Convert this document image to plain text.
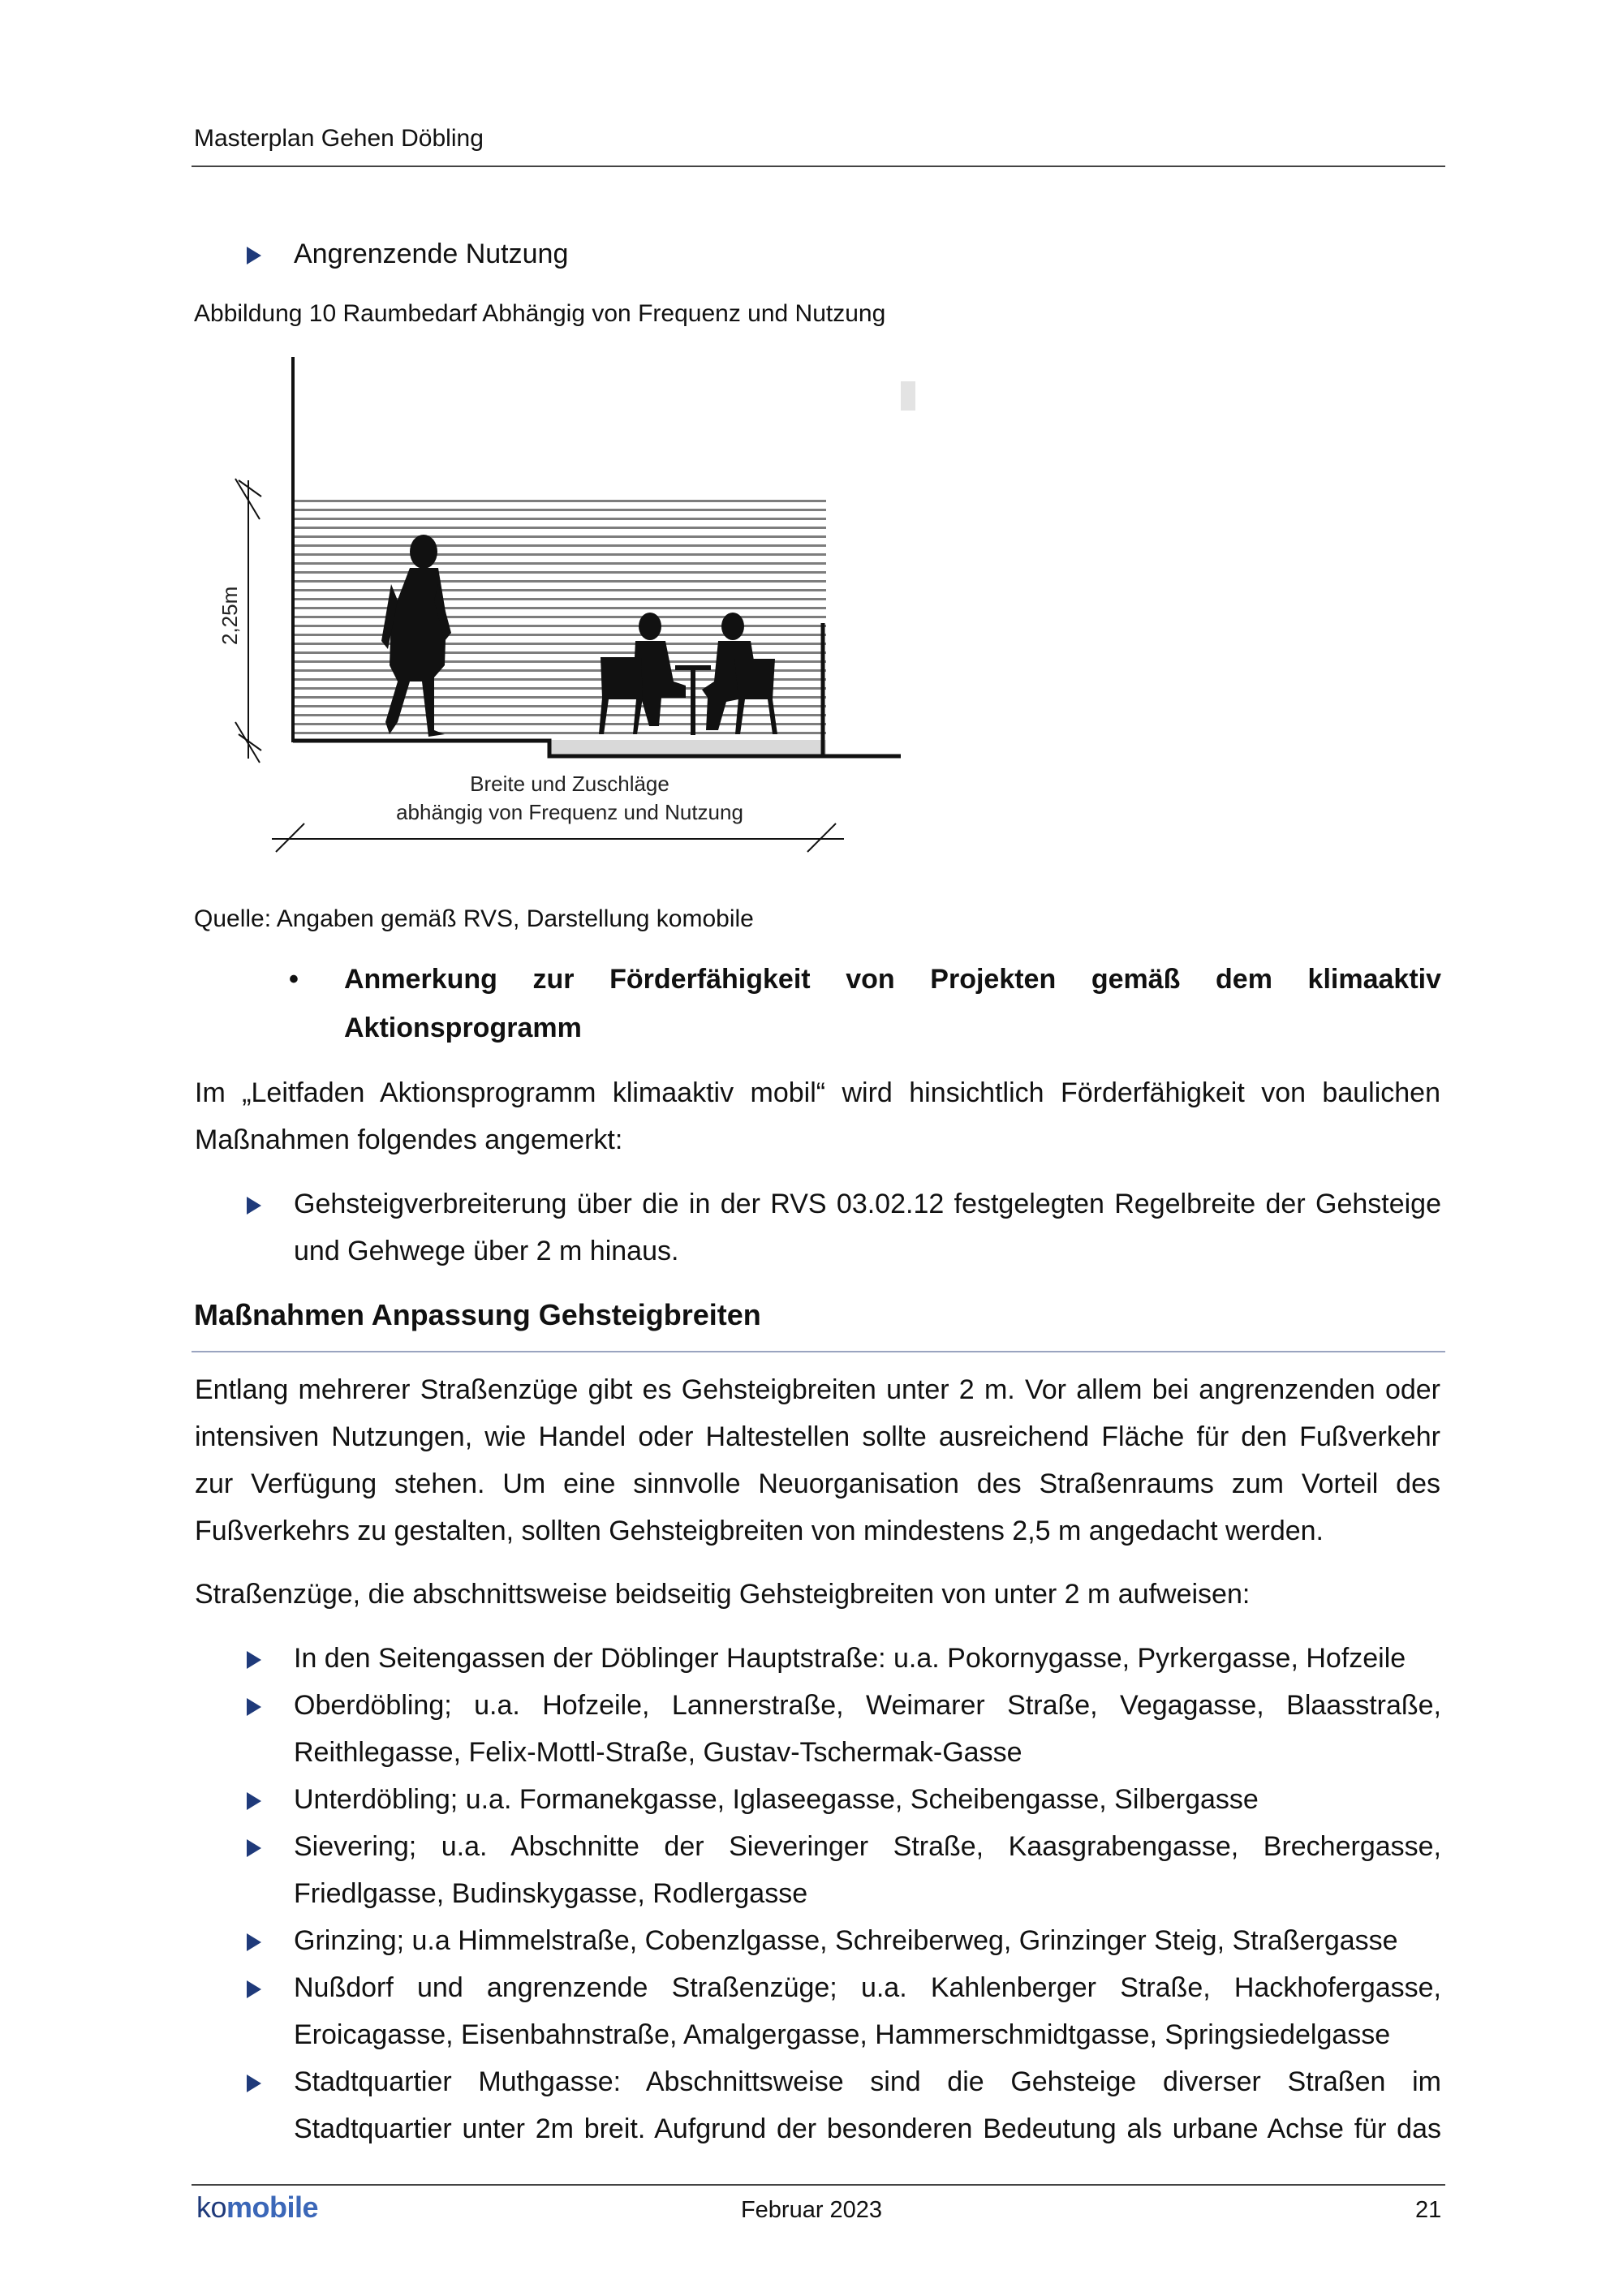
Masterplan Gehen Döbling
Angrenzende Nutzung
Abbildung 10 Raumbedarf Abhängig von Frequenz und Nutzung
2,25m
Breite und Zuschläge
abhängig von Frequenz und Nutzung
Quelle: Angaben gemäß RVS, Darstellung komobile
• Anmerkung zur Förderfähigkeit von Projekten gemäß dem klimaaktiv
Aktionsprogramm
Im „Leitfaden Aktionsprogramm klimaaktiv mobil“ wird hinsichtlich Förderfähigkeit von baulichen
Maßnahmen folgendes angemerkt:
Gehsteigverbreiterung über die in der RVS 03.02.12 festgelegten Regelbreite der Gehsteige
und Gehwege über 2 m hinaus.
Maßnahmen Anpassung Gehsteigbreiten
Entlang mehrerer Straßenzüge gibt es Gehsteigbreiten unter 2 m. Vor allem bei angrenzenden oder
intensiven Nutzungen, wie Handel oder Haltestellen sollte ausreichend Fläche für den Fußverkehr
zur Verfügung stehen. Um eine sinnvolle Neuorganisation des Straßenraums zum Vorteil des
Fußverkehrs zu gestalten, sollten Gehsteigbreiten von mindestens 2,5 m angedacht werden.
Straßenzüge, die abschnittsweise beidseitig Gehsteigbreiten von unter 2 m aufweisen:
In den Seitengassen der Döblinger Hauptstraße: u.a. Pokornygasse, Pyrkergasse, Hofzeile
Oberdöbling; u.a. Hofzeile, Lannerstraße, Weimarer Straße, Vegagasse, Blaasstraße,
Reithlegasse, Felix-Mottl-Straße, Gustav-Tschermak-Gasse
Unterdöbling; u.a. Formanekgasse, Iglaseegasse, Scheibengasse, Silbergasse
Sievering; u.a. Abschnitte der Sieveringer Straße, Kaasgrabengasse, Brechergasse,
Friedlgasse, Budinskygasse, Rodlergasse
Grinzing; u.a Himmelstraße, Cobenzlgasse, Schreiberweg, Grinzinger Steig, Straßergasse
Nußdorf und angrenzende Straßenzüge; u.a. Kahlenberger Straße, Hackhofergasse,
Eroicagasse, Eisenbahnstraße, Amalgergasse, Hammerschmidtgasse, Springsiedelgasse
Stadtquartier Muthgasse: Abschnittsweise sind die Gehsteige diverser Straßen im
Stadtquartier unter 2m breit. Aufgrund der besonderen Bedeutung als urbane Achse für das
komobile	Februar 2023	21
